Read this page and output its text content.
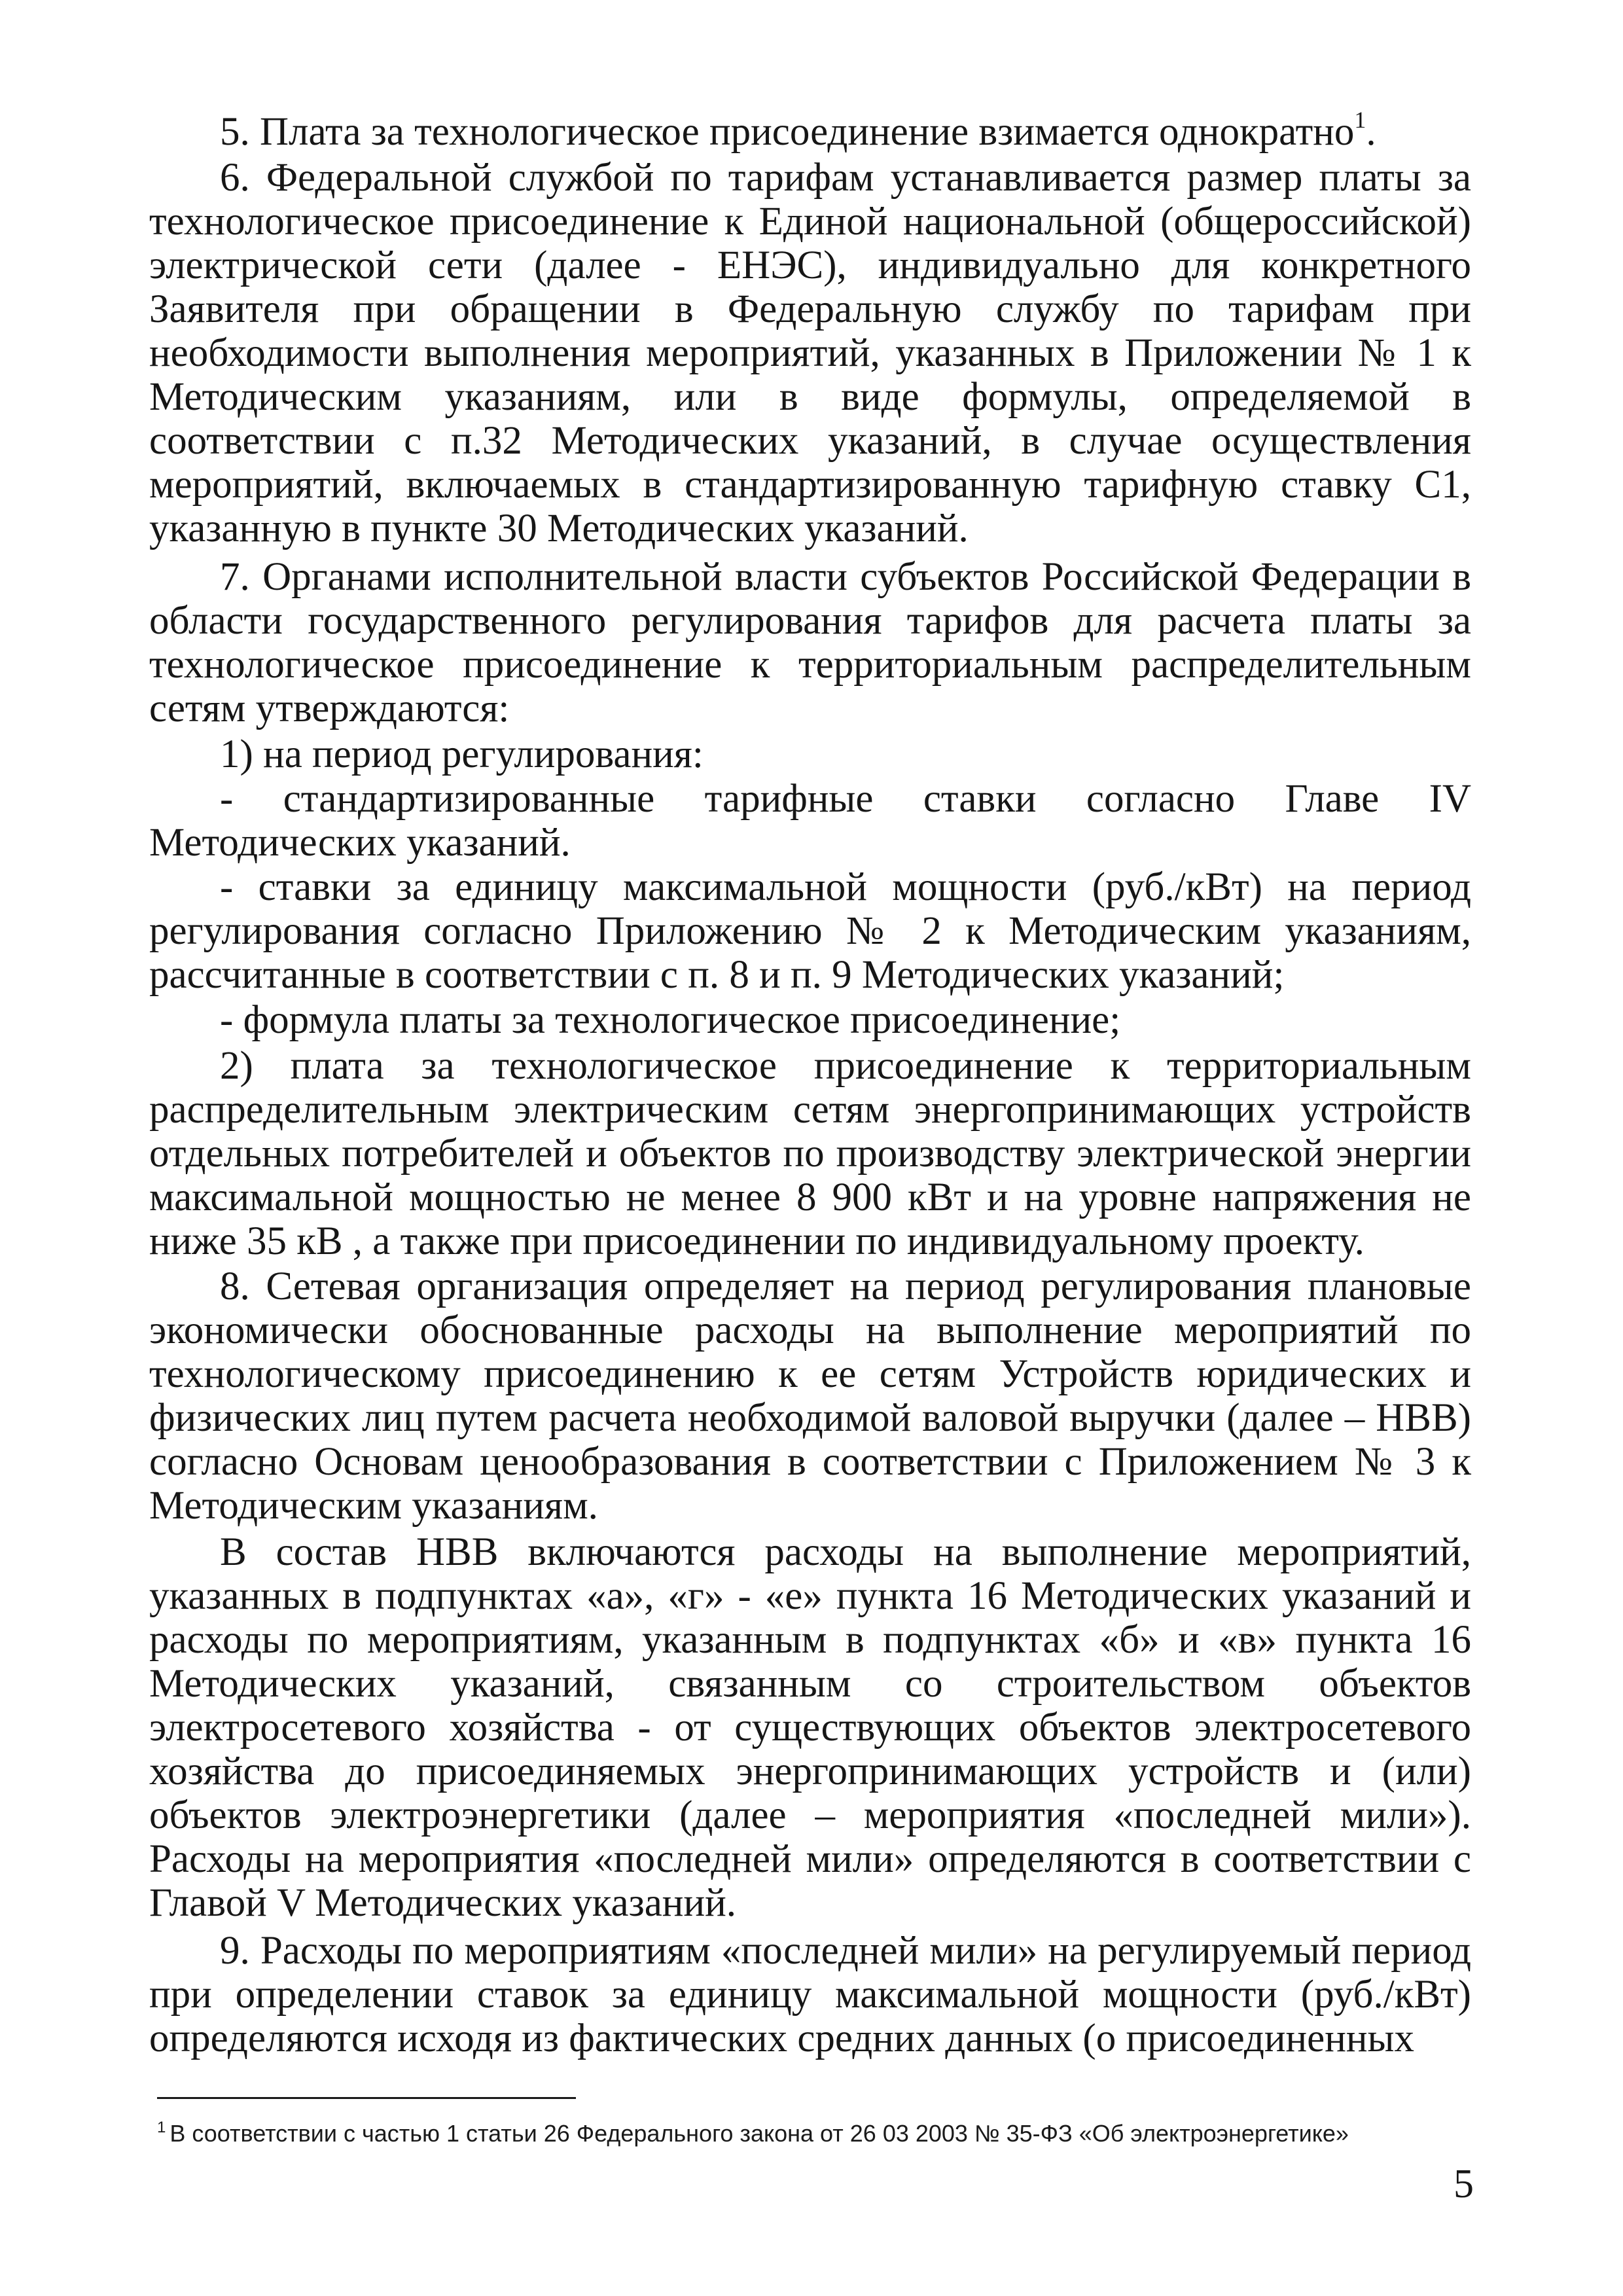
5. Плата за технологическое присоединение взимается однократно$^1$.

6. Федеральной службой по тарифам устанавливается размер платы за технологическое присоединение к Единой национальной (общероссийской) электрической сети (далее - ЕНЭС), индивидуально для конкретного Заявителя при обращении в Федеральную службу по тарифам при необходимости выполнения мероприятий, указанных в Приложении № 1 к Методическим указаниям, или в виде формулы, определяемой в соответствии с п.32 Методических указаний, в случае осуществления мероприятий, включаемых в стандартизированную тарифную ставку C1, указанную в пункте 30 Методических указаний.

7. Органами исполнительной власти субъектов Российской Федерации в области государственного регулирования тарифов для расчета платы за технологическое присоединение к территориальным распределительным сетям утверждаются:

1) на период регулирования:

- стандартизированные тарифные ставки согласно Главе IV Методических указаний.

- ставки за единицу максимальной мощности (руб./кВт) на период регулирования согласно Приложению № 2 к Методическим указаниям, рассчитанные в соответствии с п. 8 и п. 9 Методических указаний;

- формула платы за технологическое присоединение;

2) плата за технологическое присоединение к территориальным распределительным электрическим сетям энергопринимающих устройств отдельных потребителей и объектов по производству электрической энергии максимальной мощностью не менее 8 900 кВт и на уровне напряжения не ниже 35 кВ , а также при присоединении по индивидуальному проекту.

8. Сетевая организация определяет на период регулирования плановые экономически обоснованные расходы на выполнение мероприятий по технологическому присоединению к ее сетям Устройств юридических и физических лиц путем расчета необходимой валовой выручки (далее – НВВ) согласно Основам ценообразования в соответствии с Приложением № 3 к Методическим указаниям.

В состав НВВ включаются расходы на выполнение мероприятий, указанных в подпунктах «а», «г» - «е» пункта 16 Методических указаний и расходы по мероприятиям, указанным в подпунктах «б» и «в» пункта 16 Методических указаний, связанным со строительством объектов электросетевого хозяйства - от существующих объектов электросетевого хозяйства до присоединяемых энергопринимающих устройств и (или) объектов электроэнергетики (далее – мероприятия «последней мили»). Расходы на мероприятия «последней мили» определяются в соответствии с Главой V Методических указаний.

9. Расходы по мероприятиям «последней мили» на регулируемый период при определении ставок за единицу максимальной мощности (руб./кВт) определяются исходя из фактических средних данных (о присоединенных

$^1$ В соответствии с частью 1 статьи 26 Федерального закона от 26 03 2003 № 35-ФЗ «Об электроэнергетике»
5
